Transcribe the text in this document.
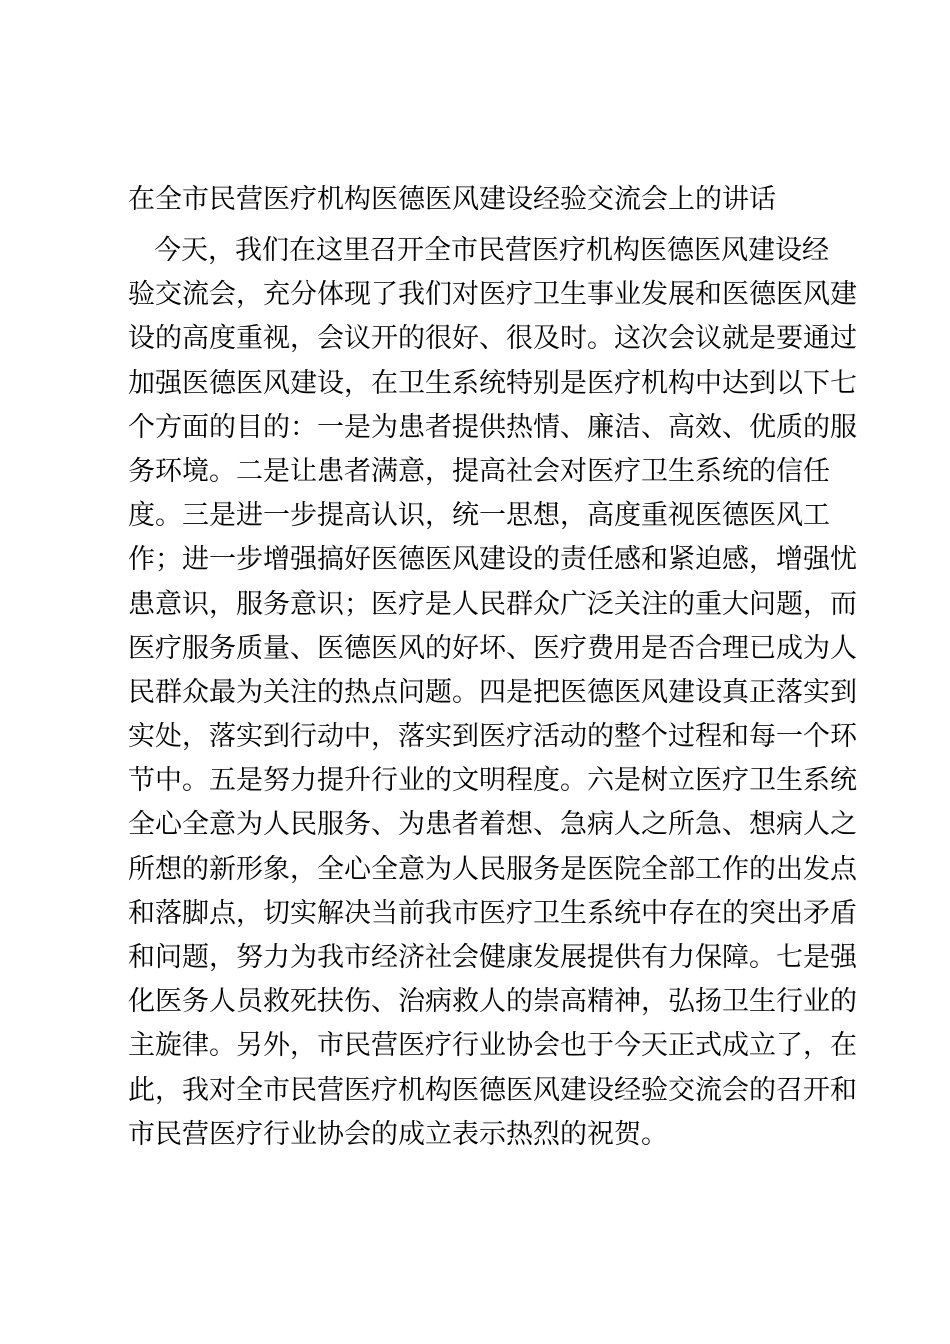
在全市民营医疗机构医德医风建设经验交流会上的讲话
今天，我们在这里召开全市民营医疗机构医德医风建设经
验交流会，充分体现了我们对医疗卫生事业发展和医德医风建
设的高度重视，会议开的很好、很及时。这次会议就是要通过
加强医德医风建设，在卫生系统特别是医疗机构中达到以下七
个方面的目的：一是为患者提供热情、廉洁、高效、优质的服
务环境。二是让患者满意，提高社会对医疗卫生系统的信任
度。三是进一步提高认识，统一思想，高度重视医德医风工
作；进一步增强搞好医德医风建设的责任感和紧迫感，增强忧
患意识，服务意识；医疗是人民群众广泛关注的重大问题，而
医疗服务质量、医德医风的好坏、医疗费用是否合理已成为人
民群众最为关注的热点问题。四是把医德医风建设真正落实到
实处，落实到行动中，落实到医疗活动的整个过程和每一个环
节中。五是努力提升行业的文明程度。六是树立医疗卫生系统
全心全意为人民服务、为患者着想、急病人之所急、想病人之
所想的新形象，全心全意为人民服务是医院全部工作的出发点
和落脚点，切实解决当前我市医疗卫生系统中存在的突出矛盾
和问题，努力为我市经济社会健康发展提供有力保障。七是强
化医务人员救死扶伤、治病救人的崇高精神，弘扬卫生行业的
主旋律。另外，市民营医疗行业协会也于今天正式成立了，在
此，我对全市民营医疗机构医德医风建设经验交流会的召开和
市民营医疗行业协会的成立表示热烈的祝贺。
